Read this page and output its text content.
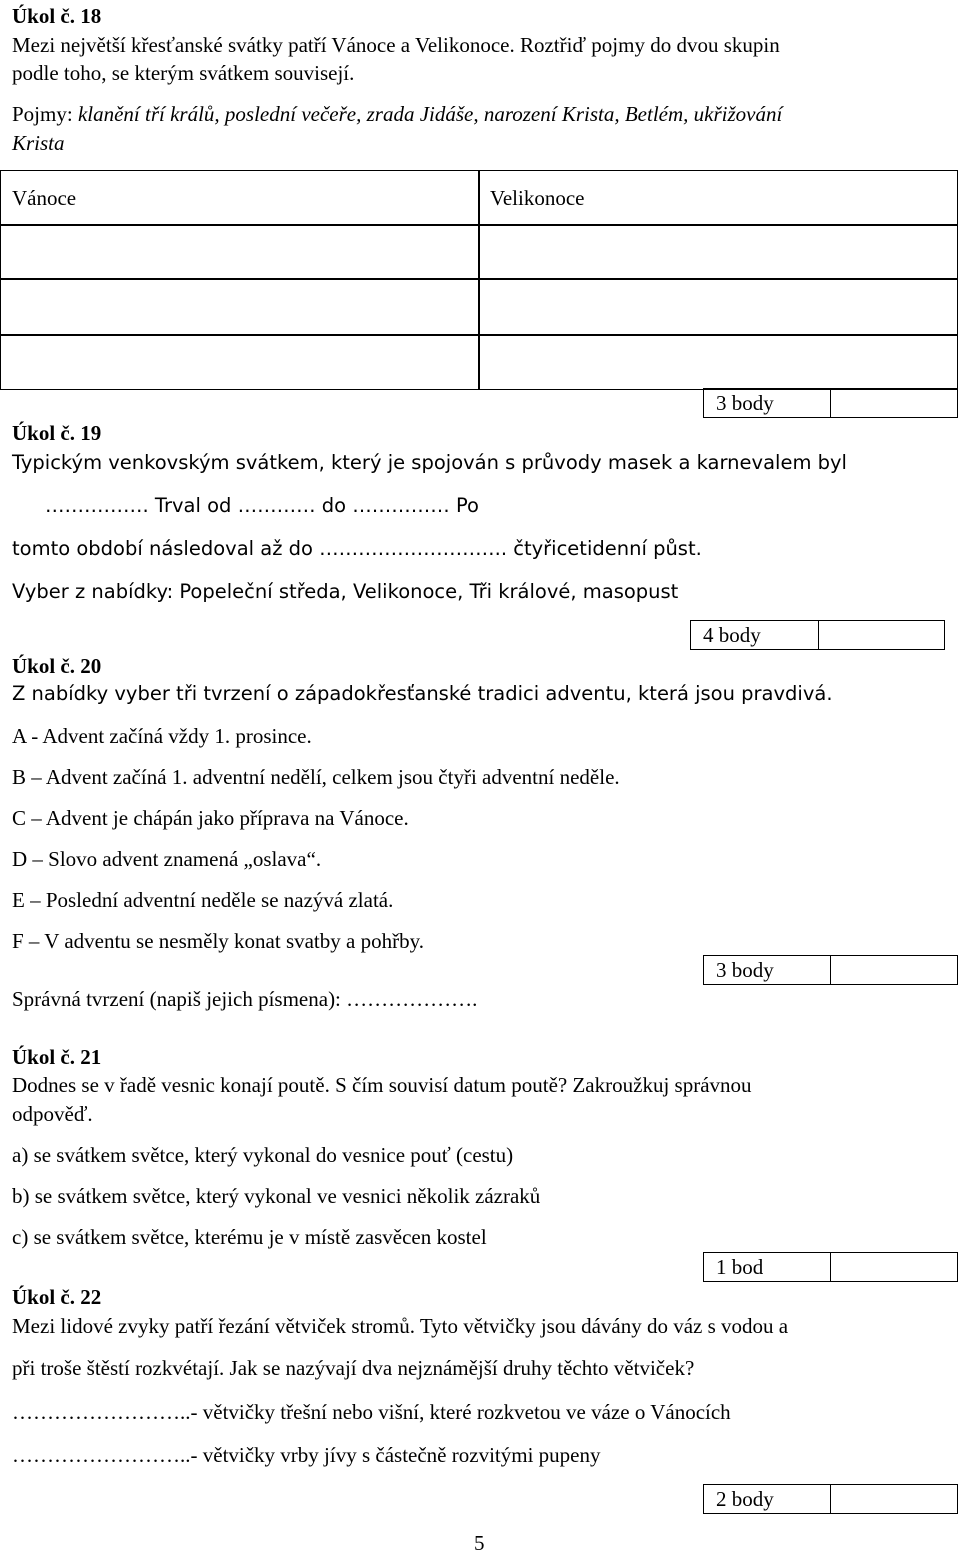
Úkol č. 18
Mezi největší křesťanské svátky patří Vánoce a Velikonoce. Roztřiď pojmy do dvou skupin
podle toho, se kterým svátkem souvisejí.
Pojmy: klanění tří králů, poslední večeře, zrada Jidáše, narození Krista, Betlém, ukřižování
Krista
Vánoce	Velikonoce
3 body
Úkol č. 19
Typickým venkovským svátkem, který je spojován s průvody masek a karnevalem byl
……………. Trval od ………… do …………… Po
tomto období následoval až do ……………………….. čtyřicetidenní půst.
Vyber z nabídky: Popeleční středa, Velikonoce, Tři králové, masopust
4 body
Úkol č. 20
Z nabídky vyber tři tvrzení o západokřesťanské tradici adventu, která jsou pravdivá.
A - Advent začíná vždy 1. prosince.
B – Advent začíná 1. adventní nedělí, celkem jsou čtyři adventní neděle.
C – Advent je chápán jako příprava na Vánoce.
D – Slovo advent znamená „oslava“.
E – Poslední adventní neděle se nazývá zlatá.
F – V adventu se nesměly konat svatby a pohřby.
3 body
Správná tvrzení (napiš jejich písmena): ……………….
Úkol č. 21
Dodnes se v řadě vesnic konají poutě. S čím souvisí datum poutě? Zakroužkuj správnou
odpověď.
a) se svátkem světce, který vykonal do vesnice pouť (cestu)
b) se svátkem světce, který vykonal ve vesnici několik zázraků
c) se svátkem světce, kterému je v místě zasvěcen kostel
1 bod
Úkol č. 22
Mezi lidové zvyky patří řezání větviček stromů. Tyto větvičky jsou dávány do váz s vodou a
při troše štěstí rozkvétají. Jak se nazývají dva nejznámější druhy těchto větviček?
……………………..- větvičky třešní nebo višní, které rozkvetou ve váze o Vánocích
……………………..- větvičky vrby jívy s částečně rozvitými pupeny
2 body
5
